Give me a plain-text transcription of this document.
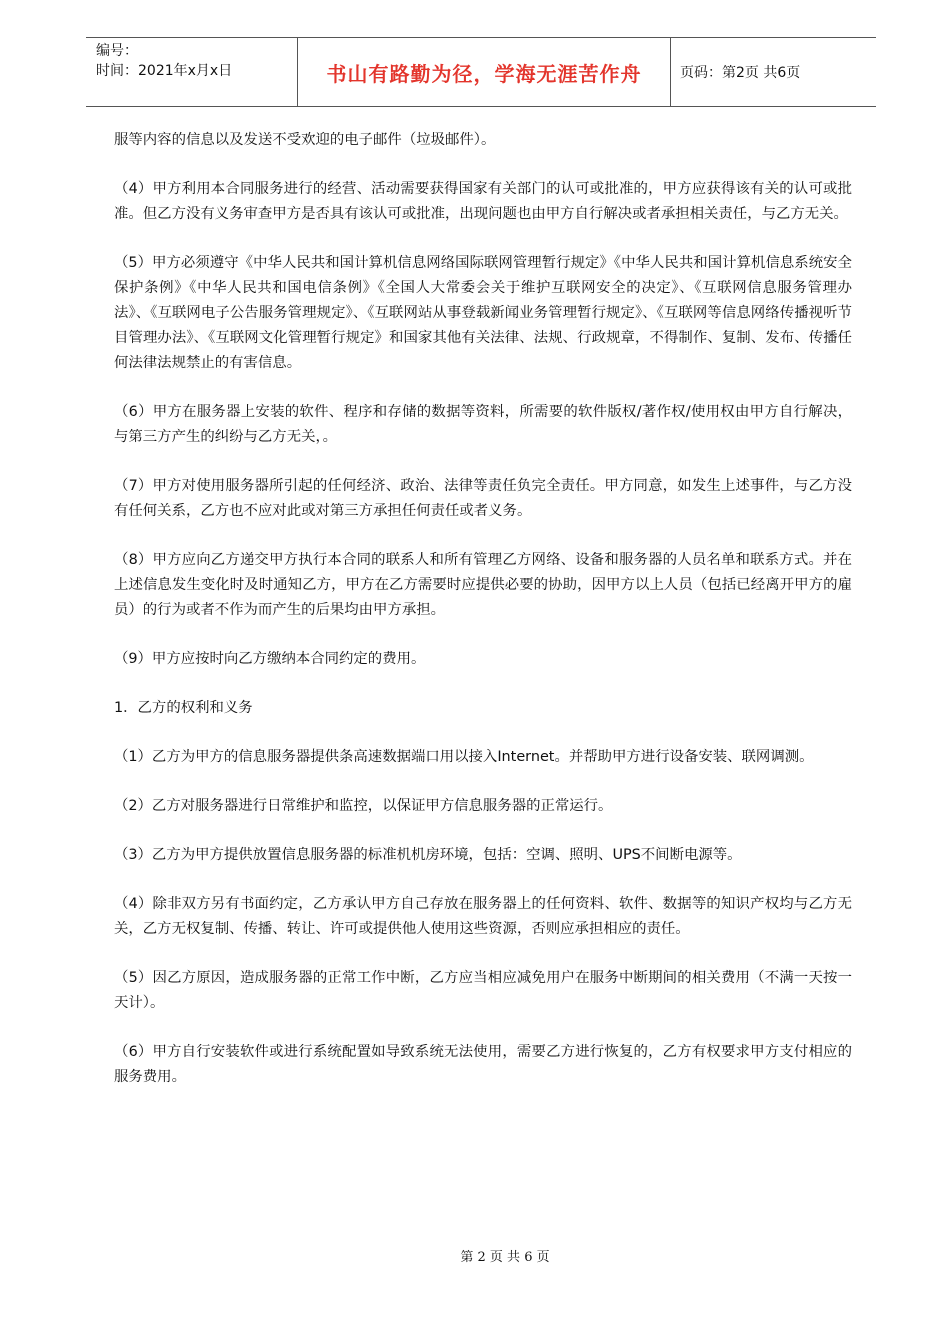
编号：
时间：2021年x月x日	书山有路勤为径，学海无涯苦作舟	页码：第2页 共6页

服等内容的信息以及发送不受欢迎的电子邮件（垃圾邮件）。

（4）甲方利用本合同服务进行的经营、活动需要获得国家有关部门的认可或批准的，甲方应获得该有关的认可或批准。但乙方没有义务审查甲方是否具有该认可或批准，出现问题也由甲方自行解决或者承担相关责任，与乙方无关。

（5）甲方必须遵守《中华人民共和国计算机信息网络国际联网管理暂行规定》《中华人民共和国计算机信息系统安全保护条例》《中华人民共和国电信条例》《全国人大常委会关于维护互联网安全的决定》、《互联网信息服务管理办法》、《互联网电子公告服务管理规定》、《互联网站从事登载新闻业务管理暂行规定》、《互联网等信息网络传播视听节目管理办法》、《互联网文化管理暂行规定》和国家其他有关法律、法规、行政规章，不得制作、复制、发布、传播任何法律法规禁止的有害信息。

（6）甲方在服务器上安装的软件、程序和存储的数据等资料，所需要的软件版权/著作权/使用权由甲方自行解决，与第三方产生的纠纷与乙方无关，。

（7）甲方对使用服务器所引起的任何经济、政治、法律等责任负完全责任。甲方同意，如发生上述事件，与乙方没有任何关系，乙方也不应对此或对第三方承担任何责任或者义务。

（8）甲方应向乙方递交甲方执行本合同的联系人和所有管理乙方网络、设备和服务器的人员名单和联系方式。并在上述信息发生变化时及时通知乙方，甲方在乙方需要时应提供必要的协助，因甲方以上人员（包括已经离开甲方的雇员）的行为或者不作为而产生的后果均由甲方承担。

（9）甲方应按时向乙方缴纳本合同约定的费用。

1．乙方的权利和义务

（1）乙方为甲方的信息服务器提供条高速数据端口用以接入Internet。并帮助甲方进行设备安装、联网调测。

（2）乙方对服务器进行日常维护和监控，以保证甲方信息服务器的正常运行。

（3）乙方为甲方提供放置信息服务器的标准机机房环境，包括：空调、照明、UPS不间断电源等。

（4）除非双方另有书面约定，乙方承认甲方自己存放在服务器上的任何资料、软件、数据等的知识产权均与乙方无关，乙方无权复制、传播、转让、许可或提供他人使用这些资源，否则应承担相应的责任。

（5）因乙方原因，造成服务器的正常工作中断，乙方应当相应减免用户在服务中断期间的相关费用（不满一天按一天计）。

（6）甲方自行安装软件或进行系统配置如导致系统无法使用，需要乙方进行恢复的，乙方有权要求甲方支付相应的服务费用。

第 2 页 共 6 页
